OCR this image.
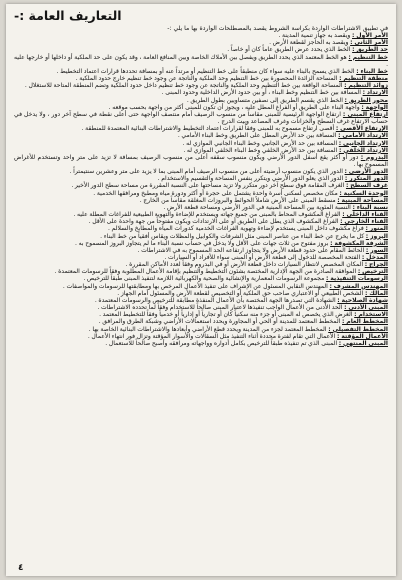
التعاريف العامة :-
في تطبيق الاشتراطات الواردة بكراسة الشروط يقصد بالمصطلحات الواردة بها ما يلي :-
الأمر الأول : ويقصد به جهاز تنمية المدينة .
الأمر الثاني : ويقصد به الحاجز لقطعة الأرض .
حد الطريق : الخط الذي يحدد عرض الطريق عاماً كان أو خاصاً .
خط التنظيم : هو الخط المعتمد الذي يحدد الطريق ويفصل بين الأملاك الخاصة وبين المنافع العامة ، وقد يكون على حد الملكية أو داخلها أو خارجها عليه .
خط البناء : الخط الذي يسمح بالبناء عليه سواء كان منطبقاً على خط التنظيم أو مرتداً عنه أو بمسافة تحددها قرارات اعتماد التخطيط .
منطقة التنظيم : المساحة الزائدة المحصورة بين خط التنظيم وحد الملكية والناتجة عن وجود خط تنظيم خارج حدود الملكية .
زوائد التنظيم : المساحة الواقعة بين خط التنظيم وحد الملكية والناتجة عن وجود خط تنظيم داخل حدود الملكية وتضم المنطقة المتاحة للاستغلال .
الارتداد : المسافة بين خط التنظيم وخط البناء ، أو بين حدود الأرض الداخلية وحدود المبنى .
محور الطريق : الخط الذي يقسم الطريق إلى نصفين متساويين بطول الطريق .
الواجهة : واجهة البناء على الطريق أو الفراغ المطل عليه ، ويجوز أن تكون للمبنى أكثر من واجهة بحسب موقعه .
ارتفاع المبنى : ارتفاع الواجهة الرئيسية للمبنى مقاساً من منسوب الرصيف أمام منتصف الواجهة حتى أعلى نقطة في سطح آخر دور ، ولا يدخل في حساب الارتفاع غرف السطح والخزانات وغرف المصاعد وبيت الدرج .
الإرتفاع الأقصى : أقصى ارتفاع مسموح به للمبنى وفقاً لقرارات اعتماد التخطيط والاشتراطات البنائية المعتمدة للمنطقة .
الارتداد الأمامي : المسافة بين حد الأرض المطل على الطريق وخط البناء الأمامي .
الارتداد الجانبي : المسافة بين حد الأرض الجانبي وخط البناء الجانبي الموازي له .
الارتداد الخلفي : المسافة بين حد الأرض الخلفي وخط البناء الخلفي الموازي له .
البدروم : دور أو أكثر يقع أسفل الدور الأرضي ويكون منسوب سقفه أعلى من منسوب الرصيف بمسافة لا تزيد على متر واحد وتستخدم للأغراض المسموح بها .
الدور الأرضي : الدور الذي يكون منسوب أرضيته أعلى من منسوب الرصيف أمام المبنى بما لا يزيد على متر وعشرين سنتيمتراً .
الدور المتكرر : الدور الذي يعلو الدور الأرضي ويتكرر بنفس المساحة والتقسيم والاستخدام .
غرف السطح : الغرف المقامة فوق سطح آخر دور متكرر ولا تزيد مساحتها على النسبة المقررة من مساحة سطح الدور الأخير .
الوحدة السكنية : مكان مخصص لسكنى أسرة واحدة يشتمل على حجرة أو أكثر ودورة مياه ومطبخ ومرافقها الخدمية .
المساحة المبنية : مسقط المبنى على الأرض شاملاً الحوائط والبروزات المغلقة مقاساً من الخارج .
نسبة البناء : النسبة المئوية بين المساحة المبنية في الدور الأرضي ومساحة قطعة الأرض .
الفناء الداخلي : الفراغ المكشوف المحاط بالمبنى من جميع جهاته ويستخدم للإضاءة والتهوية الطبيعية للفراغات المطلة عليه .
الفناء الخارجي : الفراغ المكشوف الذي يطل على الطريق أو على الارتدادات ويكون مفتوحاً من جهة واحدة على الأقل .
المنور : فراغ مكشوف داخل المبنى يستخدم لإضاءة وتهوية الفراغات الخدمية كدورات المياه والمطابخ والسلالم .
البروز : كل ما يخرج عن خط البناء من عناصر المبنى مثل الشرفات والكوابيل والمظلات ويقاس أفقياً من خط البناء .
الشرفة المكشوفة : بروز مفتوح من ثلاث جهات على الأقل ولا يدخل في حساب نسبة البناء ما لم يتجاوز البروز المسموح به .
السور : الحائط المقام على حدود قطعة الأرض ولا يتجاوز ارتفاعه الحد المسموح به في الاشتراطات .
المدخل : الفتحة المخصصة للدخول إلى قطعة الأرض أو المبنى سواء للأفراد أو السيارات .
الجراج : المكان المخصص لانتظار السيارات داخل قطعة الأرض أو في البدروم وفقاً لعدد الأماكن المقررة .
الترخيص : الموافقة الصادرة من الجهة الإدارية المختصة بشئون التخطيط والتنظيم بإقامة الأعمال المطلوبة وفقاً للرسومات المعتمدة .
الرسومات التنفيذية : مجموعة الرسومات المعمارية والإنشائية والصحية والكهربائية اللازمة لتنفيذ المبنى طبقاً للترخيص .
المهندس المشرف : المهندس النقابي المسئول عن الإشراف على تنفيذ الأعمال المرخص بها ومطابقتها للرسومات والمواصفات .
المالك : الشخص الطبيعي أو الاعتباري صاحب حق الملكية أو التخصيص لقطعة الأرض والمسئول أمام الجهاز .
شهادة الصلاحية : الشهادة التي تصدرها الجهة المختصة بأن الأعمال المنفذة مطابقة للترخيص والرسومات المعتمدة .
المبنى الأدنى : الحد الأدنى من الأعمال الواجب تنفيذها لاعتبار المبنى صالحاً للاستخدام وفقاً لما تحدده الاشتراطات .
الاستخدام : الغرض الذي يخصص له المبنى أو جزء منه سكنياً كان أو تجارياً أو إدارياً أو خدمياً وفقاً للتخطيط المعتمد .
المخطط العام : المخطط المعتمد للمدينة أو الحي أو المجاورة ويحدد استعمالات الأراضي وشبكة الطرق والمرافق .
المخطط التفصيلي : المخطط المعتمد لجزء من المدينة ويحدد قطع الأراضي وأبعادها والاشتراطات البنائية الخاصة بها .
الأعمال المؤقتة : الأعمال التي تقام لفترة محددة أثناء التنفيذ مثل السقالات والأسوار المؤقتة وتزال فور انتهاء الأعمال .
المبنى المنتهي : المبنى الذي تم تنفيذه طبقاً للترخيص بكامل أدواره وواجهاته ومرافقه وأصبح صالحاً للاستعمال .
٤
